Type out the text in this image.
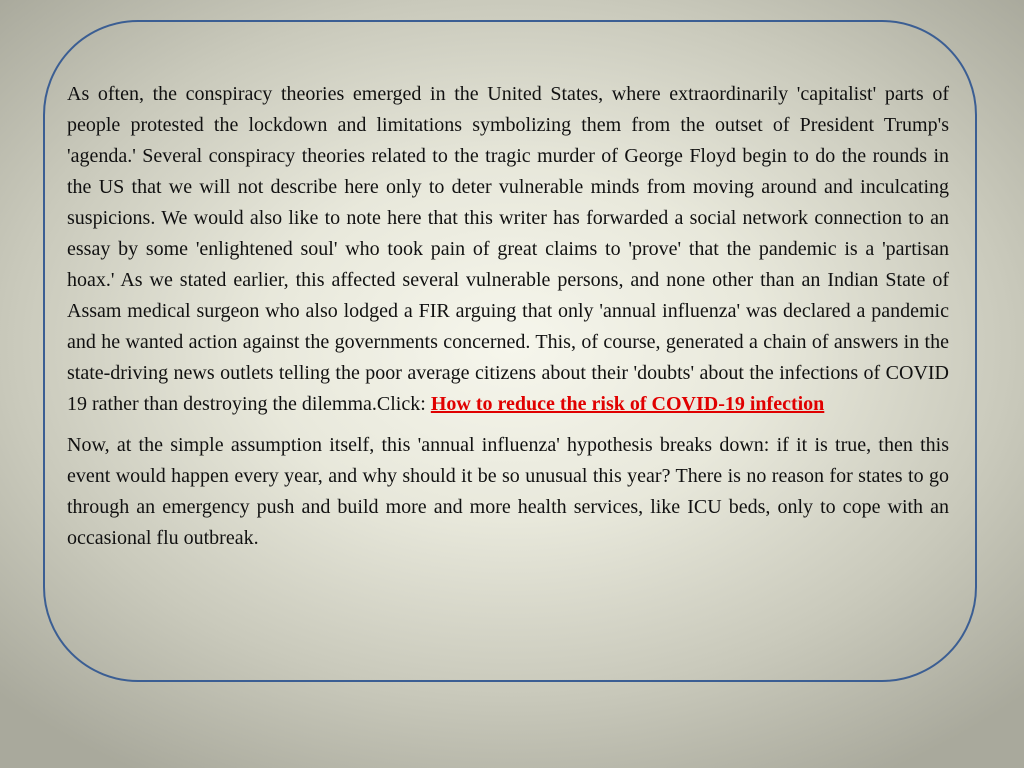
As often, the conspiracy theories emerged in the United States, where extraordinarily 'capitalist' parts of people protested the lockdown and limitations symbolizing them from the outset of President Trump's 'agenda.' Several conspiracy theories related to the tragic murder of George Floyd begin to do the rounds in the US that we will not describe here only to deter vulnerable minds from moving around and inculcating suspicions. We would also like to note here that this writer has forwarded a social network connection to an essay by some 'enlightened soul' who took pain of great claims to 'prove' that the pandemic is a 'partisan hoax.' As we stated earlier, this affected several vulnerable persons, and none other than an Indian State of Assam medical surgeon who also lodged a FIR arguing that only 'annual influenza' was declared a pandemic and he wanted action against the governments concerned. This, of course, generated a chain of answers in the state-driving news outlets telling the poor average citizens about their 'doubts' about the infections of COVID 19 rather than destroying the dilemma.Click: How to reduce the risk of COVID-19 infection

Now, at the simple assumption itself, this 'annual influenza' hypothesis breaks down: if it is true, then this event would happen every year, and why should it be so unusual this year? There is no reason for states to go through an emergency push and build more and more health services, like ICU beds, only to cope with an occasional flu outbreak.
